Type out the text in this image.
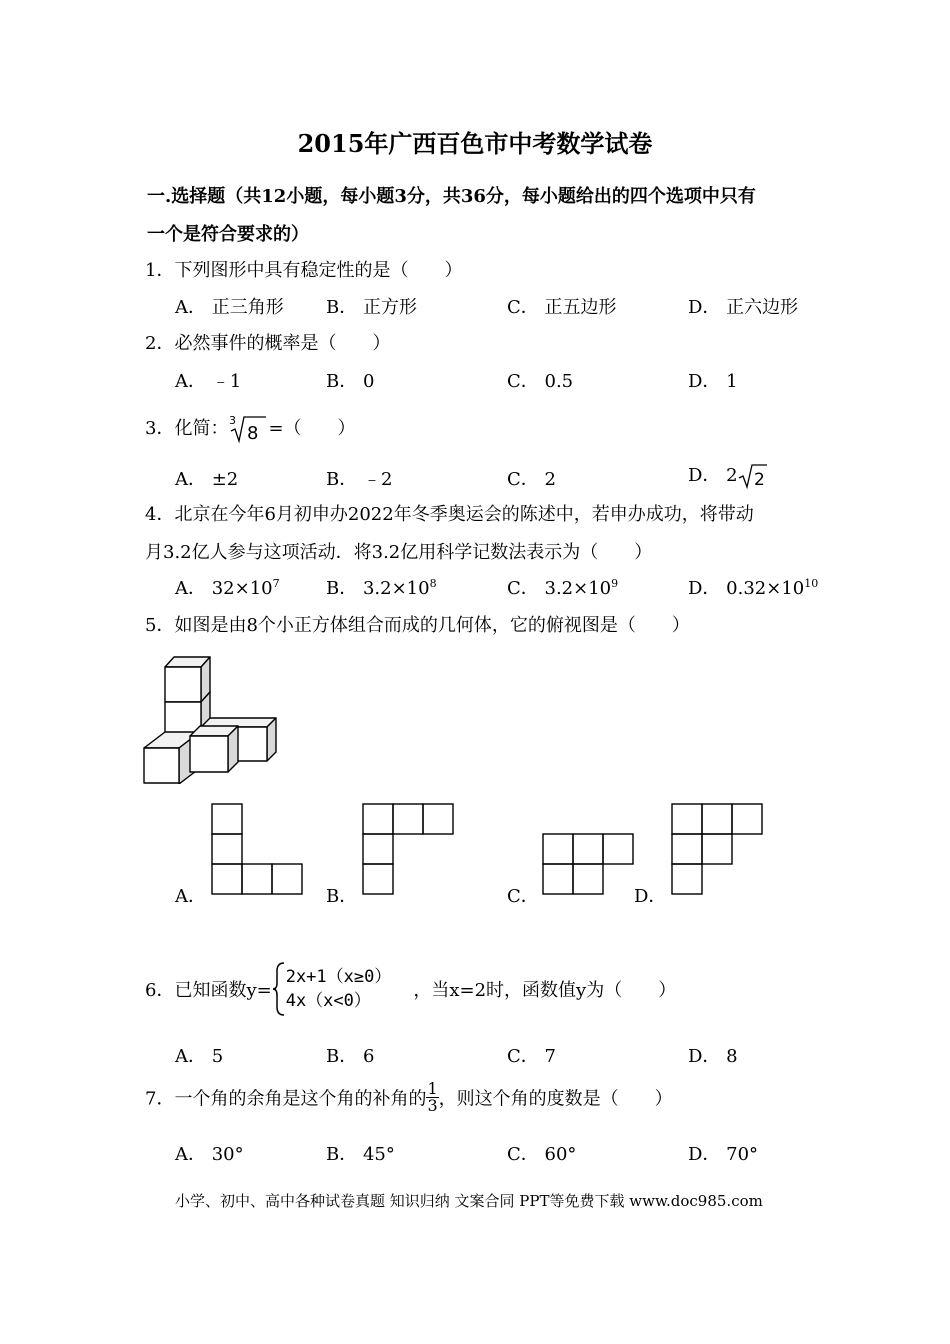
2015年广西百色市中考数学试卷
一.选择题（共12小题，每小题3分，共36分，每小题给出的四个选项中只有
一个是符合要求的）
1．下列图形中具有稳定性的是（　　）
A． 正三角形 B． 正方形	C． 正五边形	D． 正六边形
2．必然事件的概率是（　　）
A． ﹣1	B． 0	C． 0.5	D． 1
3．化简： 3
8 =（　　）
A． ±2	B． ﹣2	C． 2	D． 2 2
4．北京在今年6月初申办2022年冬季奥运会的陈述中，若申办成功，将带动
月3.2亿人参与这项活动．将3.2亿用科学记数法表示为（　　）
A． $32\times 10^7$	B． $3.2\times 10^8$	C． $3.2\times 10^9$	D． $0.32\times 10^{10}$
5．如图是由8个小正方体组合而成的几何体，它的俯视图是（　　）
A．	B．	C．	D．
6．已知函数y=
2x+1（x≥0）
4x（x<0）	，当x=2时，函数值y为（　　）
A． 5	B． 6	C． 7	D． 8
7．一个角的余角是这个角的补角的 $\frac{1}{3}$ ，则这个角的度数是（　　）
A． 30°	B． 45°	C． 60°	D． 70°
小学、初中、高中各种试卷真题 知识归纳 文案合同 PPT等免费下载 www.doc985.com
